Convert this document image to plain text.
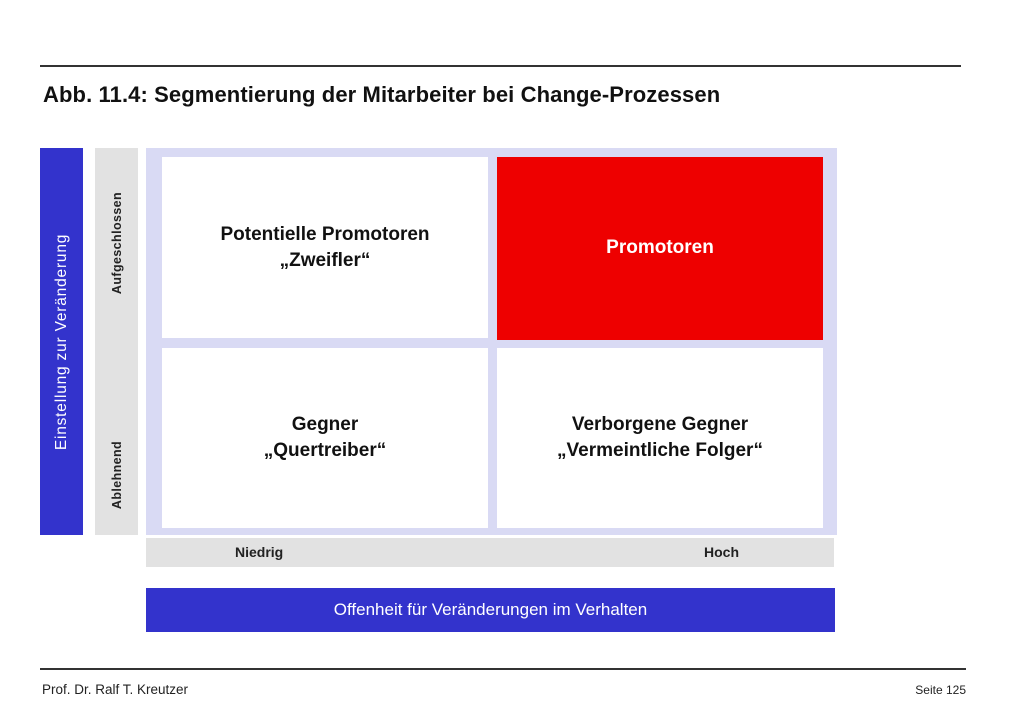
Abb. 11.4: Segmentierung der Mitarbeiter bei Change-Prozessen
Einstellung zur Veränderung	Aufgeschlossen
Ablehnend
Potentielle Promotoren
„Zweifler“
Promotoren
Gegner
„Quertreiber“
Verborgene Gegner
„Vermeintliche Folger“
Niedrig	Hoch
Offenheit für Veränderungen im Verhalten
Prof. Dr. Ralf T. Kreutzer	Seite 125
